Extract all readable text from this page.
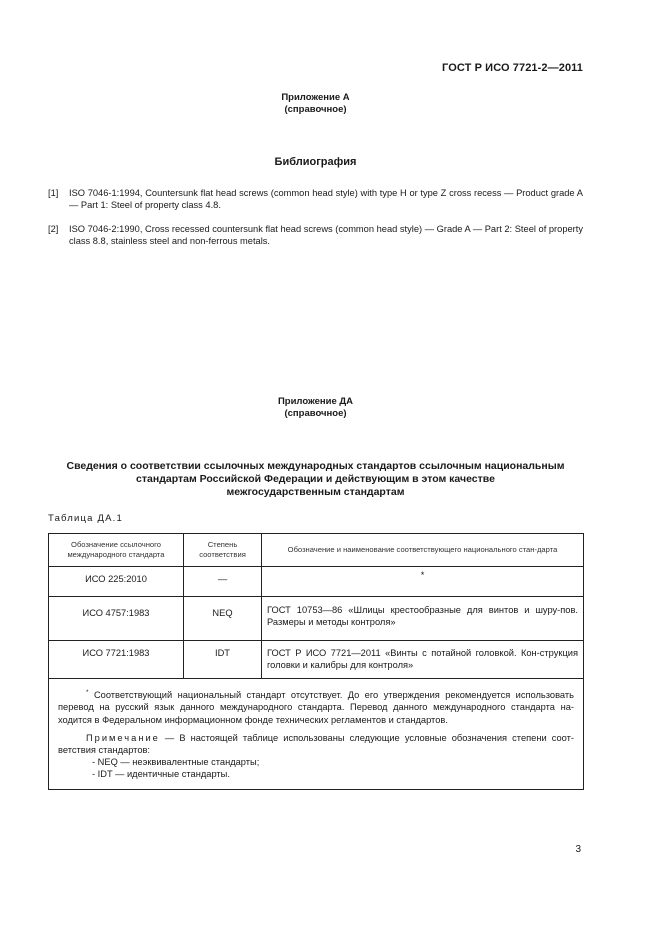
ГОСТ Р ИСО 7721-2—2011
Приложение А
(справочное)
Библиография
[1] ISO 7046-1:1994, Countersunk flat head screws (common head style) with type H or type Z cross recess — Product grade A — Part 1: Steel of property class 4.8.
[2] ISO 7046-2:1990, Cross recessed countersunk flat head screws (common head style) — Grade A — Part 2: Steel of property class 8.8, stainless steel and non-ferrous metals.
Приложение ДА
(справочное)
Сведения о соответствии ссылочных международных стандартов ссылочным национальным
стандартам Российской Федерации и действующим в этом качестве
межгосударственным стандартам
Таблица ДА.1
Обозначение ссылочного международного стандарта	Степень соответствия	Обозначение и наименование соответствующего национального стан-дарта
ИСО 225:2010	—	*
ИСО 4757:1983	NEQ	ГОСТ 10753—86 «Шлицы крестообразные для винтов и шуру-пов. Размеры и методы контроля»
ИСО 7721:1983	IDT	ГОСТ Р ИСО 7721—2011 «Винты с потайной головкой. Кон-струкция головки и калибры для контроля»

* Соответствующий национальный стандарт отсутствует. До его утверждения рекомендуется использовать перевод на русский язык данного международного стандарта. Перевод данного международного стандарта на-ходится в Федеральном информационном фонде технических регламентов и стандартов.

Примечание — В настоящей таблице использованы следующие условные обозначения степени соот-ветствия стандартов:

- NEQ — неэквивалентные стандарты;
- IDT — идентичные стандарты.		
3
